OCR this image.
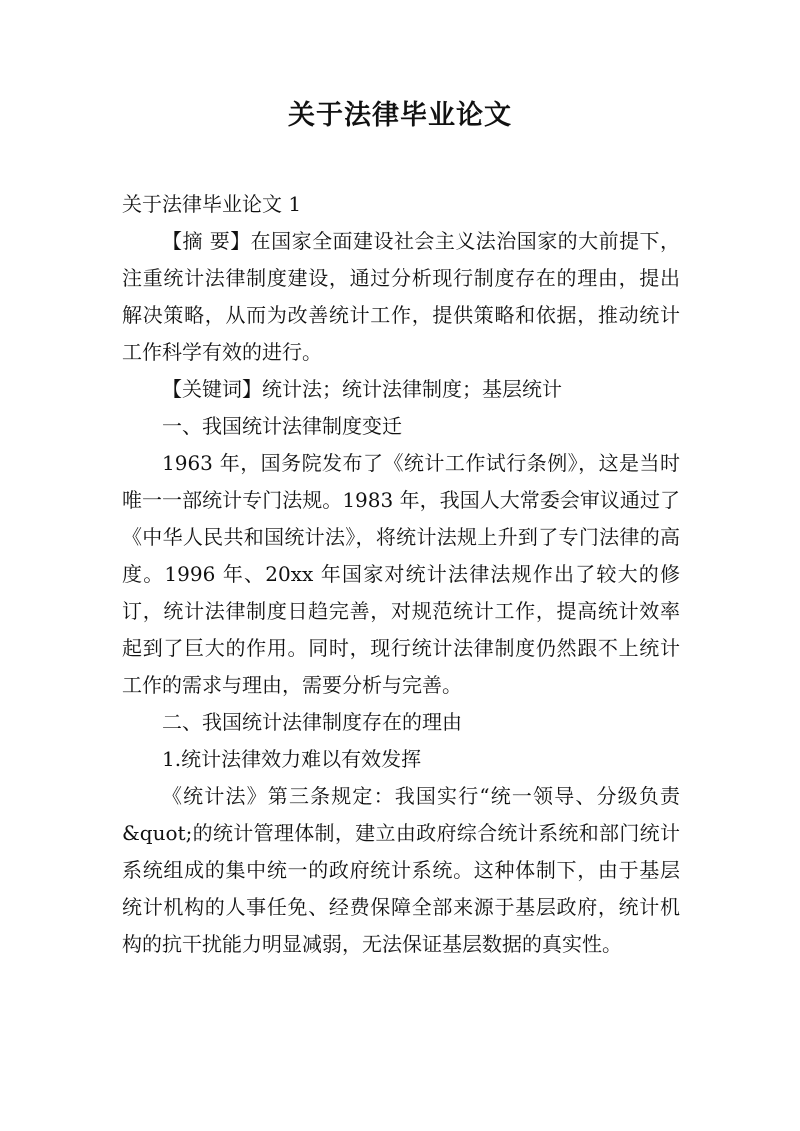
关于法律毕业论文

关于法律毕业论文 1

【摘 要】在国家全面建设社会主义法治国家的大前提下，注重统计法律制度建设，通过分析现行制度存在的理由，提出解决策略，从而为改善统计工作，提供策略和依据，推动统计工作科学有效的进行。

【关键词】统计法；统计法律制度；基层统计

一、我国统计法律制度变迁

1963 年，国务院发布了《统计工作试行条例》，这是当时唯一一部统计专门法规。1983 年，我国人大常委会审议通过了《中华人民共和国统计法》，将统计法规上升到了专门法律的高度。1996 年、20xx 年国家对统计法律法规作出了较大的修订，统计法律制度日趋完善，对规范统计工作，提高统计效率起到了巨大的作用。同时，现行统计法律制度仍然跟不上统计工作的需求与理由，需要分析与完善。

二、我国统计法律制度存在的理由

1.统计法律效力难以有效发挥

《统计法》第三条规定：我国实行“统一领导、分级负责&quot;的统计管理体制，建立由政府综合统计系统和部门统计系统组成的集中统一的政府统计系统。这种体制下，由于基层统计机构的人事任免、经费保障全部来源于基层政府，统计机构的抗干扰能力明显减弱，无法保证基层数据的真实性。
